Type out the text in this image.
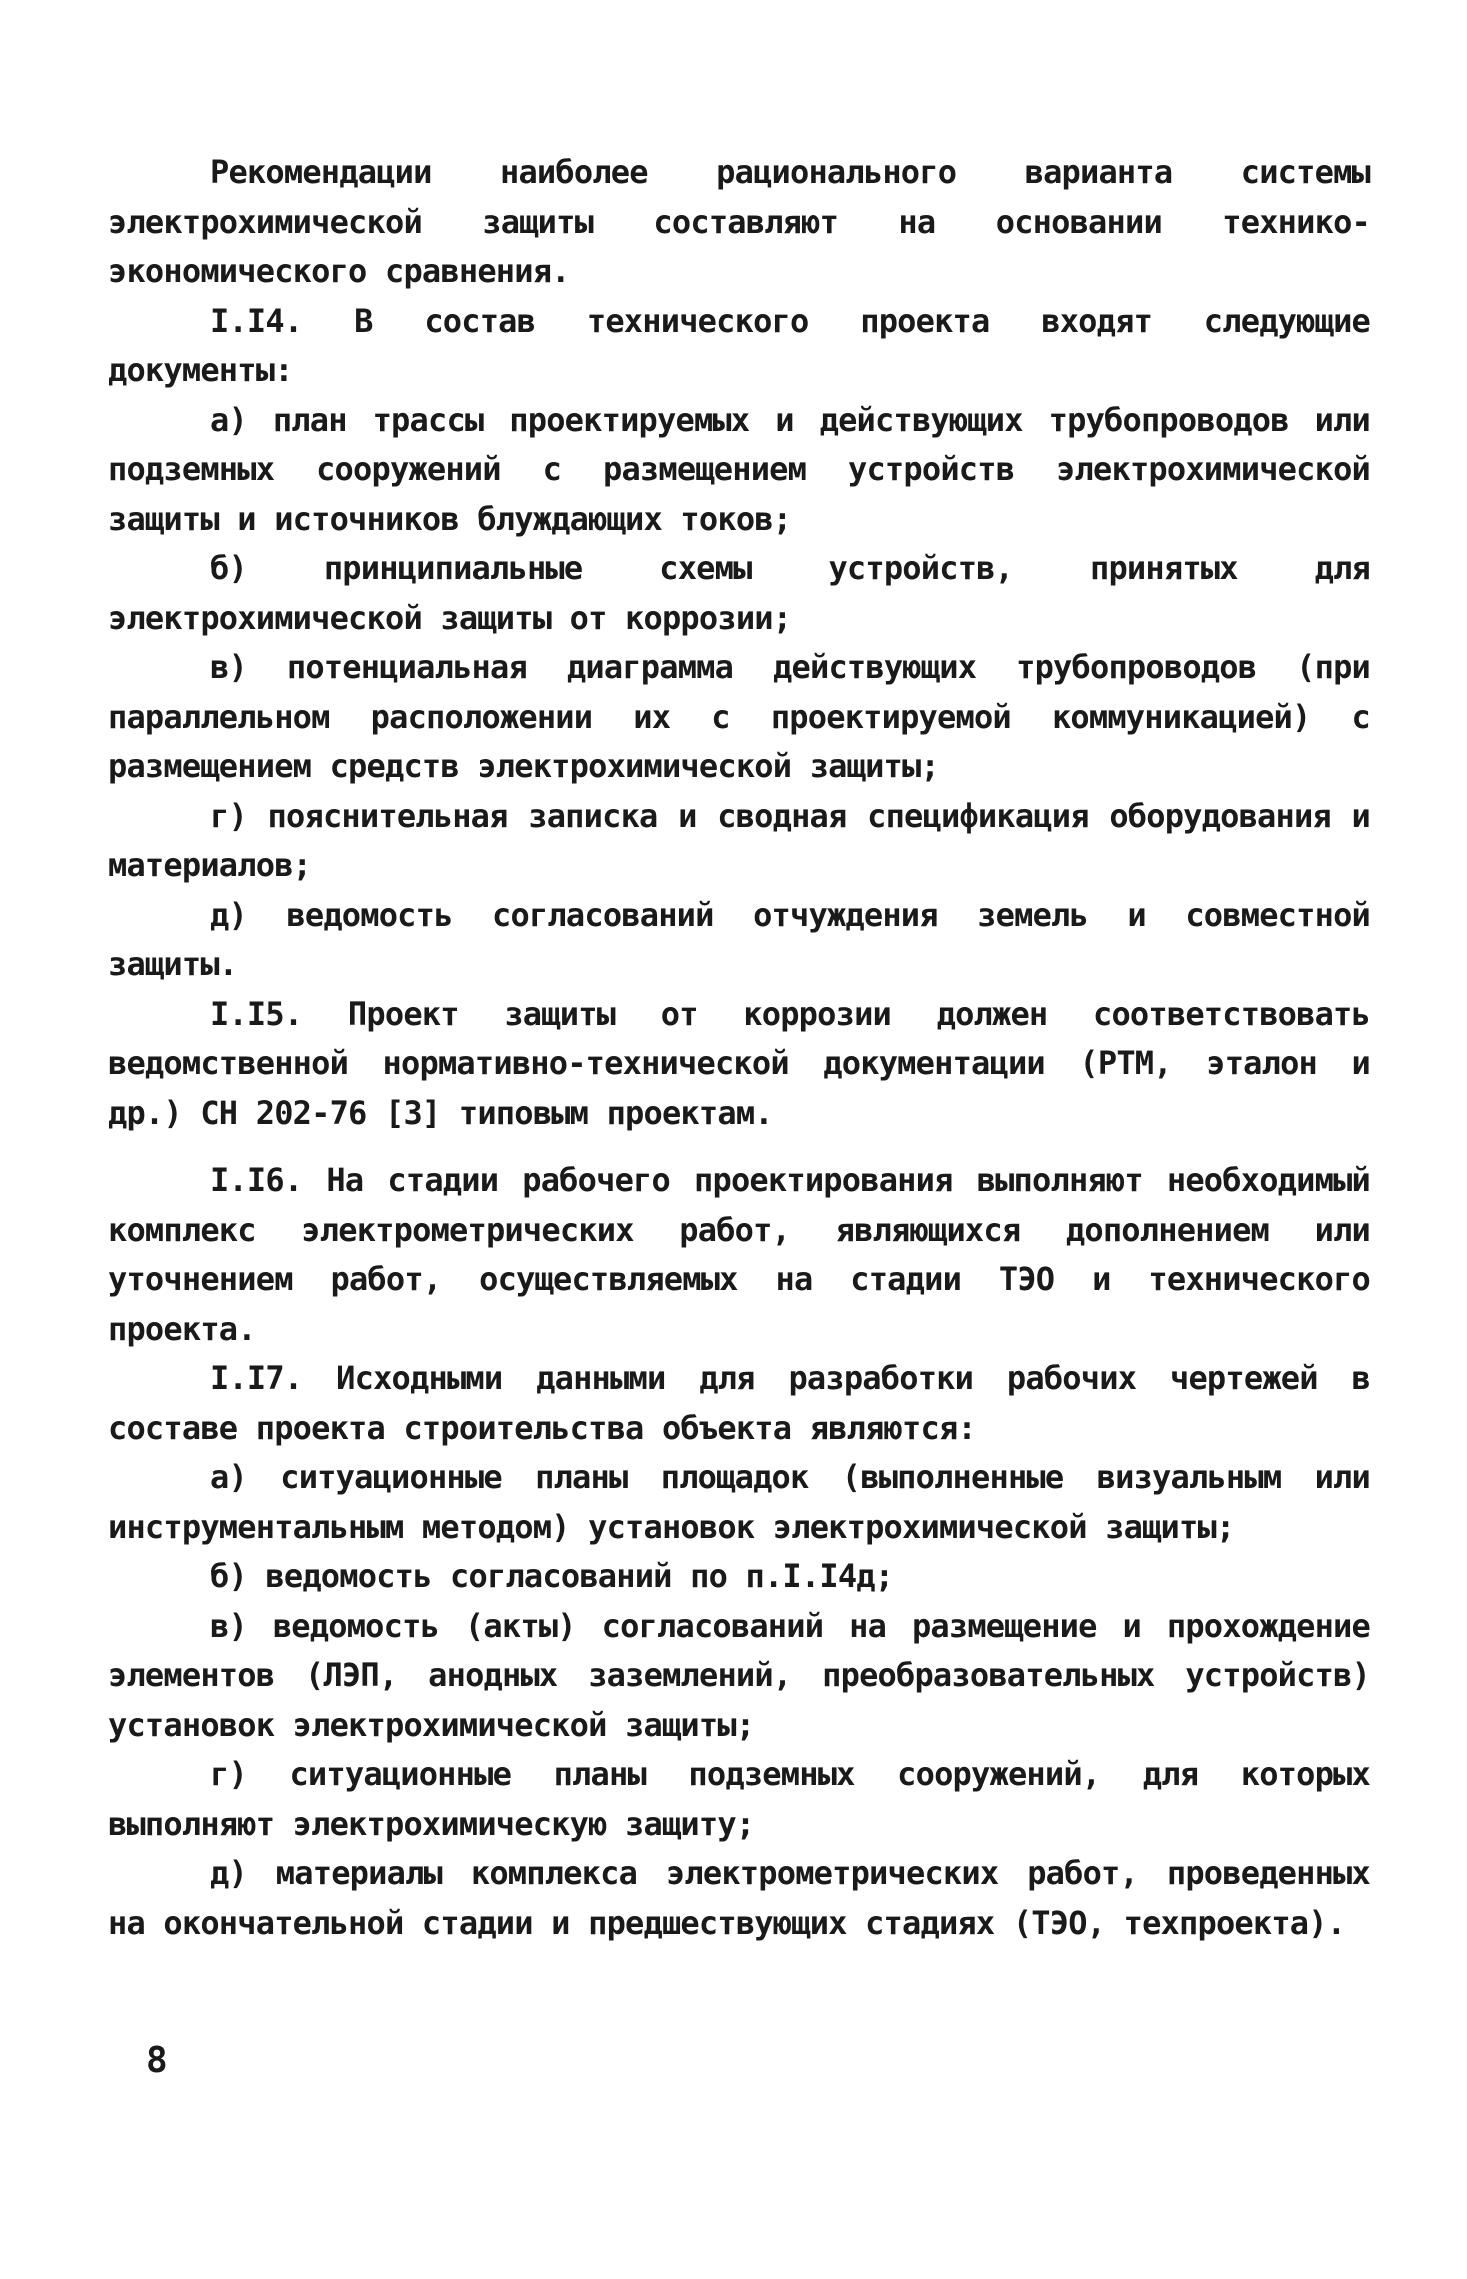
Рекомендации наиболее рационального варианта системы электрохимической защиты составляют на основании технико-экономического сравнения.

I.I4. В состав технического проекта входят следующие документы:

а) план трассы проектируемых и действующих трубопроводов или подземных сооружений с размещением устройств электрохимической защиты и источников блуждающих токов;

б) принципиальные схемы устройств, принятых для электрохимической защиты от коррозии;

в) потенциальная диаграмма действующих трубопроводов (при параллельном расположении их с проектируемой коммуникацией) с размещением средств электрохимической защиты;

г) пояснительная записка и сводная спецификация оборудования и материалов;

д) ведомость согласований отчуждения земель и совместной защиты.

I.I5. Проект защиты от коррозии должен соответствовать ведомственной нормативно-технической документации (РТМ, эталон и др.) СН 202-76 [3] типовым проектам.

I.I6. На стадии рабочего проектирования выполняют необходимый комплекс электрометрических работ, являющихся дополнением или уточнением работ, осуществляемых на стадии ТЭО и технического проекта.

I.I7. Исходными данными для разработки рабочих чертежей в составе проекта строительства объекта являются:

а) ситуационные планы площадок (выполненные визуальным или инструментальным методом) установок электрохимической защиты;

б) ведомость согласований по п.I.I4д;

в) ведомость (акты) согласований на размещение и прохождение элементов (ЛЭП, анодных заземлений, преобразовательных устройств) установок электрохимической защиты;

г) ситуационные планы подземных сооружений, для которых выполняют электрохимическую защиту;

д) материалы комплекса электрометрических работ, проведенных на окончательной стадии и предшествующих стадиях (ТЭО, техпроекта).

8
